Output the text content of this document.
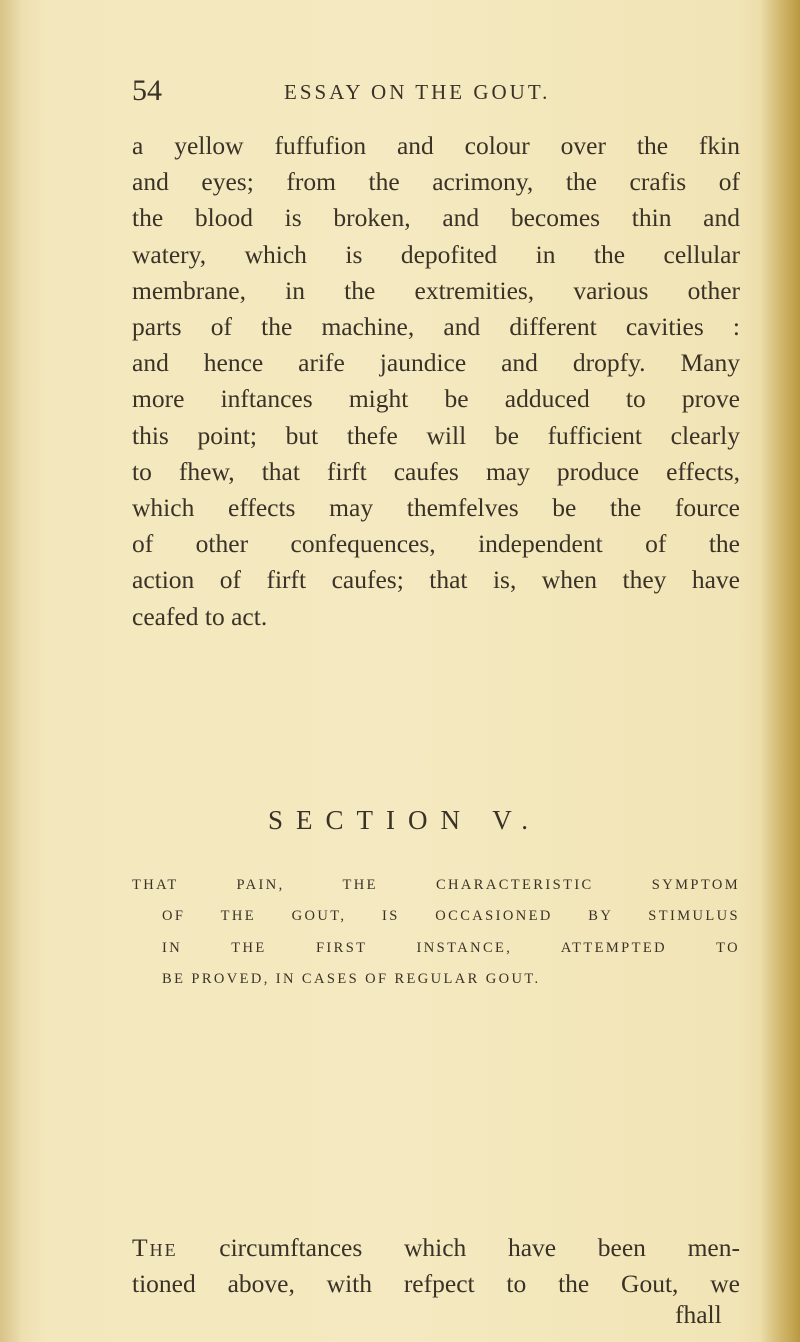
54	ESSAY ON THE GOUT.
a yellow fuffufion and colour over the fkin
and eyes; from the acrimony, the crafis of
the blood is broken, and becomes thin and
watery, which is depofited in the cellular
membrane, in the extremities, various other
parts of the machine, and different cavities :
and hence arife jaundice and dropfy. Many
more inftances might be adduced to prove
this point; but thefe will be fufficient clearly
to fhew, that firft caufes may produce effects,
which effects may themfelves be the fource
of other confequences, independent of the
action of firft caufes; that is, when they have
ceafed to act.
SECTION V.
THAT PAIN, THE CHARACTERISTIC SYMPTOM
OF THE GOUT, IS OCCASIONED BY STIMULUS
IN THE FIRST INSTANCE, ATTEMPTED TO
BE PROVED, IN CASES OF REGULAR GOUT.
The circumftances which have been men-
tioned above, with refpect to the Gout, we
fhall
